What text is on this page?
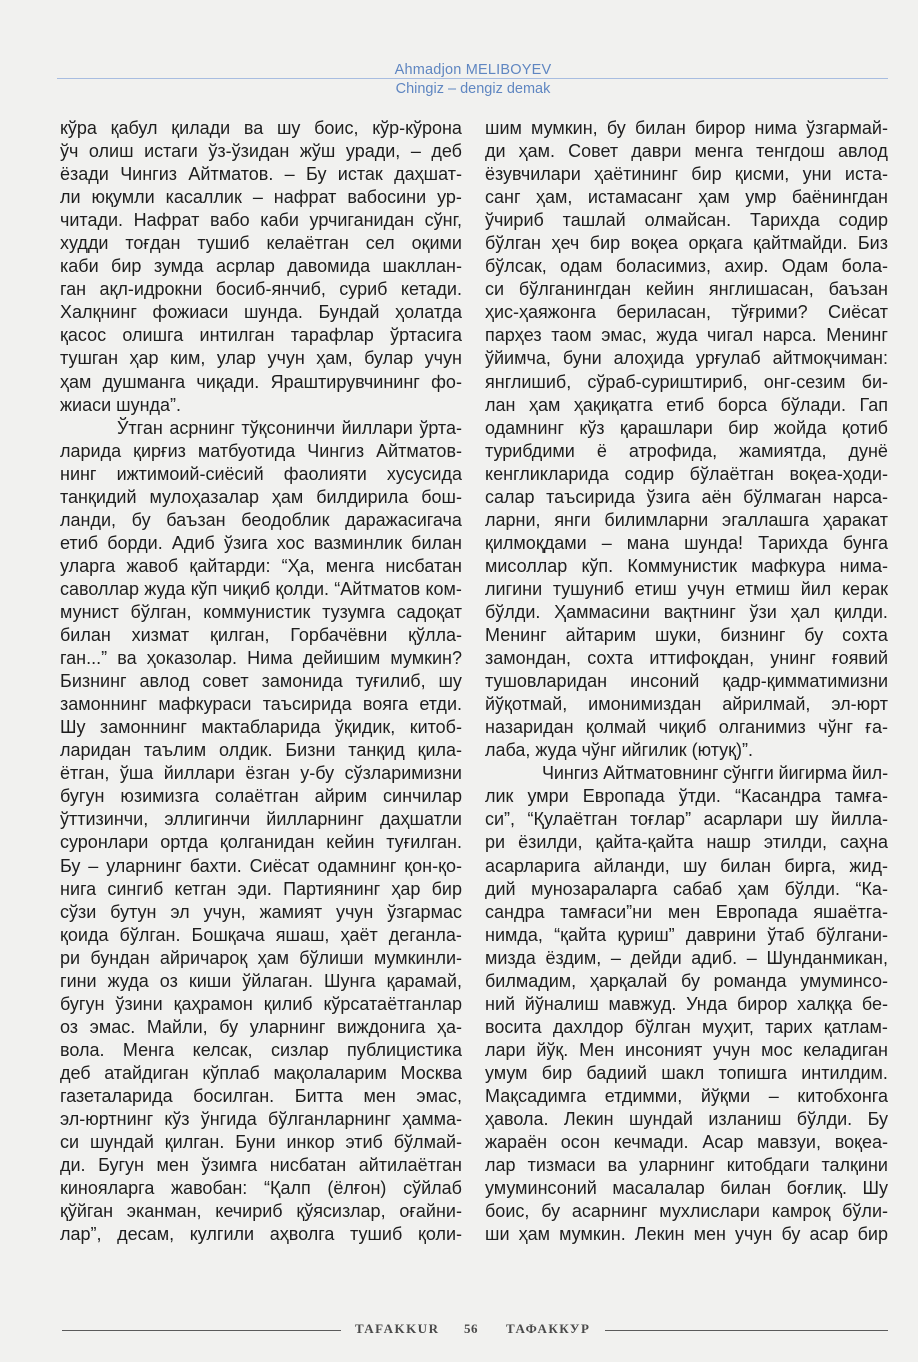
Ahmadjon MELIBOYEV
Chingiz – dengiz demak
кўра қабул қилади ва шу боис, кўр-кўрона
ўч олиш истаги ўз-ўзидан жўш уради, – деб
ёзади Чингиз Айтматов. – Бу истак даҳшат-
ли юқумли касаллик – нафрат вабосини ур-
читади. Нафрат вабо каби урчиганидан сўнг,
худди тоғдан тушиб келаётган сел оқими
каби бир зумда асрлар давомида шакллан-
ган ақл-идрокни босиб-янчиб, суриб кетади.
Халқнинг фожиаси шунда. Бундай ҳолатда
қасос олишга интилган тарафлар ўртасига
тушган ҳар ким, улар учун ҳам, булар учун
ҳам душманга чиқади. Яраштирувчининг фо-
жиаси шунда”.
Ўтган асрнинг тўқсонинчи йиллари ўрта-
ларида қирғиз матбуотида Чингиз Айтматов-
нинг ижтимоий-сиёсий фаолияти хусусида
танқидий мулоҳазалар ҳам билдирила бош-
ланди, бу баъзан беодоблик даражасигача
етиб борди. Адиб ўзига хос вазминлик билан
уларга жавоб қайтарди: “Ҳа, менга нисбатан
саволлар жуда кўп чиқиб қолди. “Айтматов ком-
мунист бўлган, коммунистик тузумга садоқат
билан хизмат қилган, Горбачёвни қўлла-
ган...” ва ҳоказолар. Нима дейишим мумкин?
Бизнинг авлод совет замонида туғилиб, шу
замоннинг мафкураси таъсирида вояга етди.
Шу замоннинг мактабларида ўқидик, китоб-
ларидан таълим олдик. Бизни танқид қила-
ётган, ўша йиллари ёзган у-бу сўзларимизни
бугун юзимизга солаётган айрим синчилар
ўттизинчи, эллигинчи йилларнинг даҳшатли
суронлари ортда қолганидан кейин туғилган.
Бу – уларнинг бахти. Сиёсат одамнинг қон-қо-
нига сингиб кетган эди. Партиянинг ҳар бир
сўзи бутун эл учун, жамият учун ўзгармас
қоида бўлган. Бошқача яшаш, ҳаёт деганла-
ри бундан айричароқ ҳам бўлиши мумкинли-
гини жуда оз киши ўйлаган. Шунга қарамай,
бугун ўзини қаҳрамон қилиб кўрсатаётганлар
оз эмас. Майли, бу уларнинг виждонига ҳа-
вола. Менга келсак, сизлар публицистика
деб атайдиган кўплаб мақолаларим Москва
газеталарида босилган. Битта мен эмас,
эл-юртнинг кўз ўнгида бўлганларнинг ҳамма-
си шундай қилган. Буни инкор этиб бўлмай-
ди. Бугун мен ўзимга нисбатан айтилаётган
кинояларга жавобан: “Қалп (ёлғон) сўйлаб
қўйган эканман, кечириб қўясизлар, оғайни-
лар”, десам, кулгили аҳволга тушиб қоли-
шим мумкин, бу билан бирор нима ўзгармай-
ди ҳам. Совет даври менга тенгдош авлод
ёзувчилари ҳаётининг бир қисми, уни иста-
санг ҳам, истамасанг ҳам умр баёнингдан
ўчириб ташлай олмайсан. Тарихда содир
бўлган ҳеч бир воқеа орқага қайтмайди. Биз
бўлсак, одам боласимиз, ахир. Одам бола-
си бўлганингдан кейин янглишасан, баъзан
ҳис-ҳаяжонга бериласан, тўғрими? Сиёсат
парҳез таом эмас, жуда чигал нарса. Менинг
ўйимча, буни алоҳида урғулаб айтмоқчиман:
янглишиб, сўраб-суриштириб, онг-сезим би-
лан ҳам ҳақиқатга етиб борса бўлади. Гап
одамнинг кўз қарашлари бир жойда қотиб
турибдими ё атрофида, жамиятда, дунё
кенгликларида содир бўлаётган воқеа-ҳоди-
салар таъсирида ўзига аён бўлмаган нарса-
ларни, янги билимларни эгаллашга ҳаракат
қилмоқдами – мана шунда! Тарихда бунга
мисоллар кўп. Коммунистик мафкура нима-
лигини тушуниб етиш учун етмиш йил керак
бўлди. Ҳаммасини вақтнинг ўзи ҳал қилди.
Менинг айтарим шуки, бизнинг бу сохта
замондан, сохта иттифоқдан, унинг ғоявий
тушовларидан инсоний қадр-қимматимизни
йўқотмай, имонимиздан айрилмай, эл-юрт
назаридан қолмай чиқиб олганимиз чўнг ға-
лаба, жуда чўнг ийгилик (ютуқ)”.
Чингиз Айтматовнинг сўнгги йигирма йил-
лик умри Европада ўтди. “Касандра тамға-
си”, “Қулаётган тоғлар” асарлари шу йилла-
ри ёзилди, қайта-қайта нашр этилди, саҳна
асарларига айланди, шу билан бирга, жид-
дий мунозараларга сабаб ҳам бўлди. “Ка-
сандра тамғаси”ни мен Европада яшаётга-
нимда, “қайта қуриш” даврини ўтаб бўлгани-
мизда ёздим, – дейди адиб. – Шунданмикан,
билмадим, ҳарқалай бу романда умуминсо-
ний йўналиш мавжуд. Унда бирор халққа бе-
восита дахлдор бўлган муҳит, тарих қатлам-
лари йўқ. Мен инсоният учун мос келадиган
умум бир бадиий шакл топишга интилдим.
Мақсадимга етдимми, йўқми – китобхонга
ҳавола. Лекин шундай изланиш бўлди. Бу
жараён осон кечмади. Асар мавзуи, воқеа-
лар тизмаси ва уларнинг китобдаги талқини
умуминсоний масалалар билан боғлиқ. Шу
боис, бу асарнинг мухлислари камроқ бўли-
ши ҳам мумкин. Лекин мен учун бу асар бир
TAFAKKUR 56 ТАФАККУР
